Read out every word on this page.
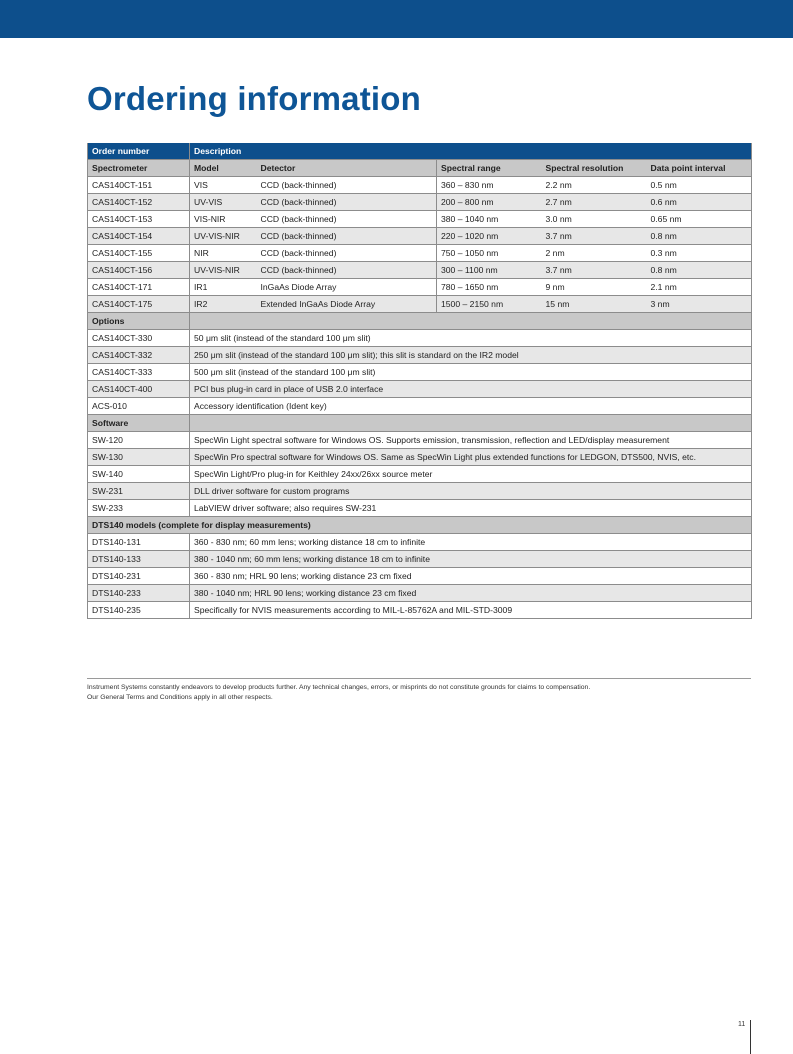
Ordering information
Order number	Description				
Spectrometer	Model	Detector	Spectral range	Spectral resolution	Data point interval
CAS140CT-151	VIS	CCD (back-thinned)	360 – 830 nm	2.2 nm	0.5 nm
CAS140CT-152	UV-VIS	CCD (back-thinned)	200 – 800 nm	2.7 nm	0.6 nm
CAS140CT-153	VIS-NIR	CCD (back-thinned)	380 – 1040 nm	3.0 nm	0.65 nm
CAS140CT-154	UV-VIS-NIR	CCD (back-thinned)	220 – 1020 nm	3.7 nm	0.8 nm
CAS140CT-155	NIR	CCD (back-thinned)	750 – 1050 nm	2 nm	0.3 nm
CAS140CT-156	UV-VIS-NIR	CCD (back-thinned)	300 – 1100 nm	3.7 nm	0.8 nm
CAS140CT-171	IR1	InGaAs Diode Array	780 – 1650 nm	9 nm	2.1 nm
CAS140CT-175	IR2	Extended InGaAs Diode Array	1500 – 2150 nm	15 nm	3 nm
Options					
CAS140CT-330	50 μm slit (instead of the standard 100 μm slit)				
CAS140CT-332	250 μm slit (instead of the standard 100 μm slit); this slit is standard on the IR2 model				
CAS140CT-333	500 μm slit (instead of the standard 100 μm slit)				
CAS140CT-400	PCI bus plug-in card in place of USB 2.0 interface				
ACS-010	Accessory identification (Ident key)				
Software					
SW-120	SpecWin Light spectral software for Windows OS. Supports emission, transmission, reflection and LED/display measurement				
SW-130	SpecWin Pro spectral software for Windows OS. Same as SpecWin Light plus extended functions for LEDGON, DTS500, NVIS, etc.				
SW-140	SpecWin Light/Pro plug-in for Keithley 24xx/26xx source meter				
SW-231	DLL driver software for custom programs				
SW-233	LabVIEW driver software; also requires SW-231				
DTS140 models (complete for display measurements)					
DTS140-131	360 - 830 nm; 60 mm lens; working distance 18 cm to infinite				
DTS140-133	380 - 1040 nm; 60 mm lens; working distance 18 cm to infinite				
DTS140-231	360 - 830 nm; HRL 90 lens; working distance 23 cm fixed				
DTS140-233	380 - 1040 nm; HRL 90 lens; working distance 23 cm fixed				
DTS140-235	Specifically for NVIS measurements according to MIL-L-85762A and MIL-STD-3009				

Instrument Systems constantly endeavors to develop products further. Any technical changes, errors, or misprints do not constitute grounds for claims to compensation.

Our General Terms and Conditions apply in all other respects.

11
